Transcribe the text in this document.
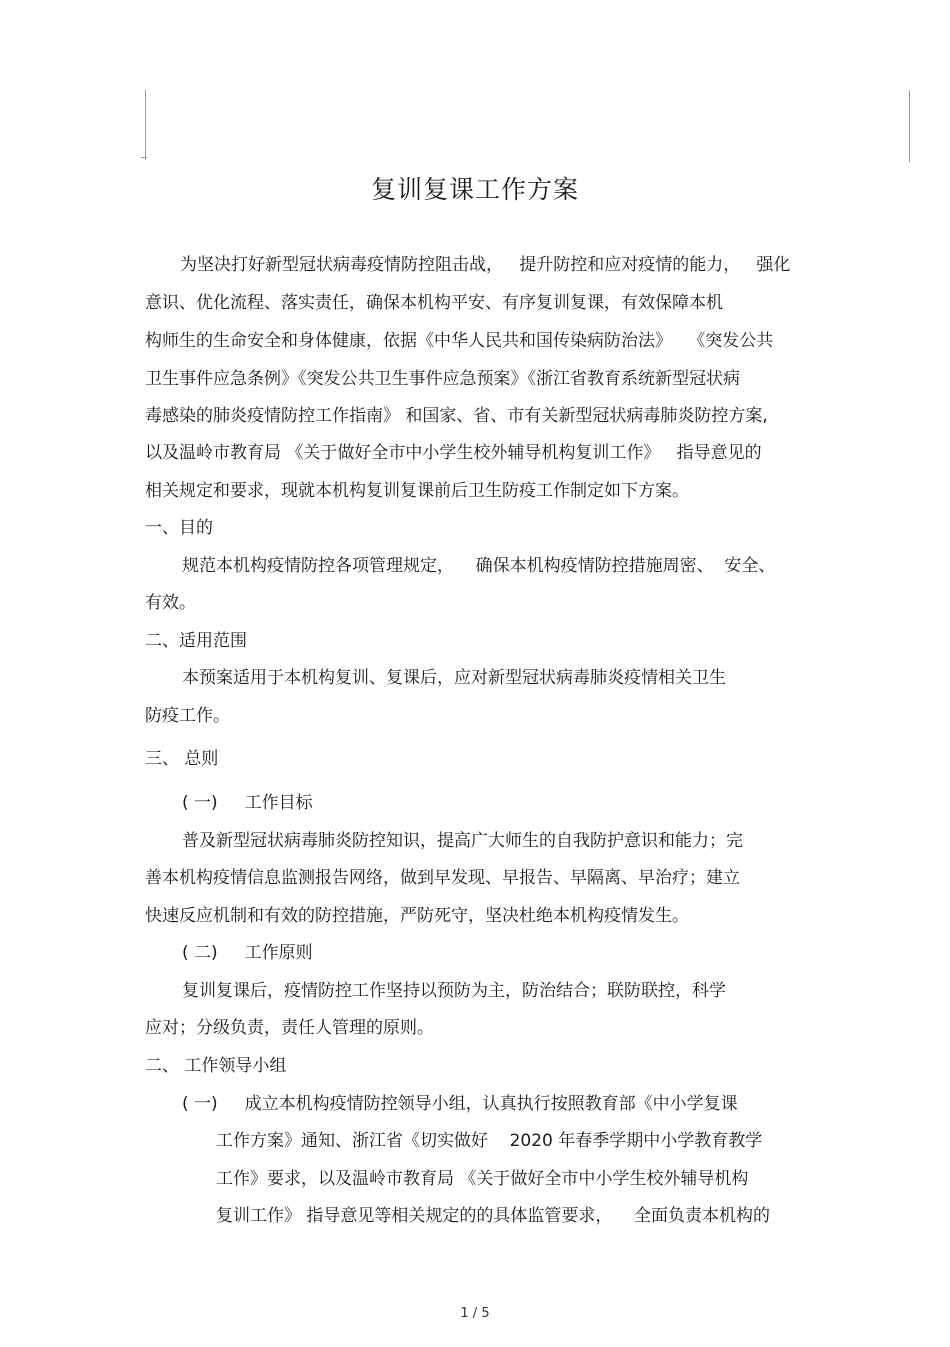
复训复课工作方案
为坚决打好新型冠状病毒疫情防控阻击战，   提升防控和应对疫情的能力，   强化
意识、优化流程、落实责任，确保本机构平安、有序复训复课，有效保障本机
构师生的生命安全和身体健康，依据《中华人民共和国传染病防治法》   《突发公共
卫生事件应急条例》《突发公共卫生事件应急预案》《浙江省教育系统新型冠状病
毒感染的肺炎疫情防控工作指南》 和国家、省、市有关新型冠状病毒肺炎防控方案,
以及温岭市教育局 《关于做好全市中小学生校外辅导机构复训工作》   指导意见的
相关规定和要求，现就本机构复训复课前后卫生防疫工作制定如下方案。
一、目的
规范本机构疫情防控各项管理规定，    确保本机构疫情防控措施周密、  安全、
有效。
二、适用范围
本预案适用于本机构复训、复课后，应对新型冠状病毒肺炎疫情相关卫生
防疫工作。
三、 总则
( 一)     工作目标
普及新型冠状病毒肺炎防控知识，提高广大师生的自我防护意识和能力；完
善本机构疫情信息监测报告网络，做到早发现、早报告、早隔离、早治疗；建立
快速反应机制和有效的防控措施，严防死守，坚决杜绝本机构疫情发生。
( 二)     工作原则
复训复课后，疫情防控工作坚持以预防为主，防治结合；联防联控，科学
应对；分级负责，责任人管理的原则。
二、 工作领导小组
( 一)     成立本机构疫情防控领导小组，认真执行按照教育部《中小学复课
工作方案》通知、浙江省《切实做好    2020 年春季学期中小学教育教学
工作》要求，以及温岭市教育局 《关于做好全市中小学生校外辅导机构
复训工作》 指导意见等相关规定的的具体监管要求，    全面负责本机构的
1 / 5
